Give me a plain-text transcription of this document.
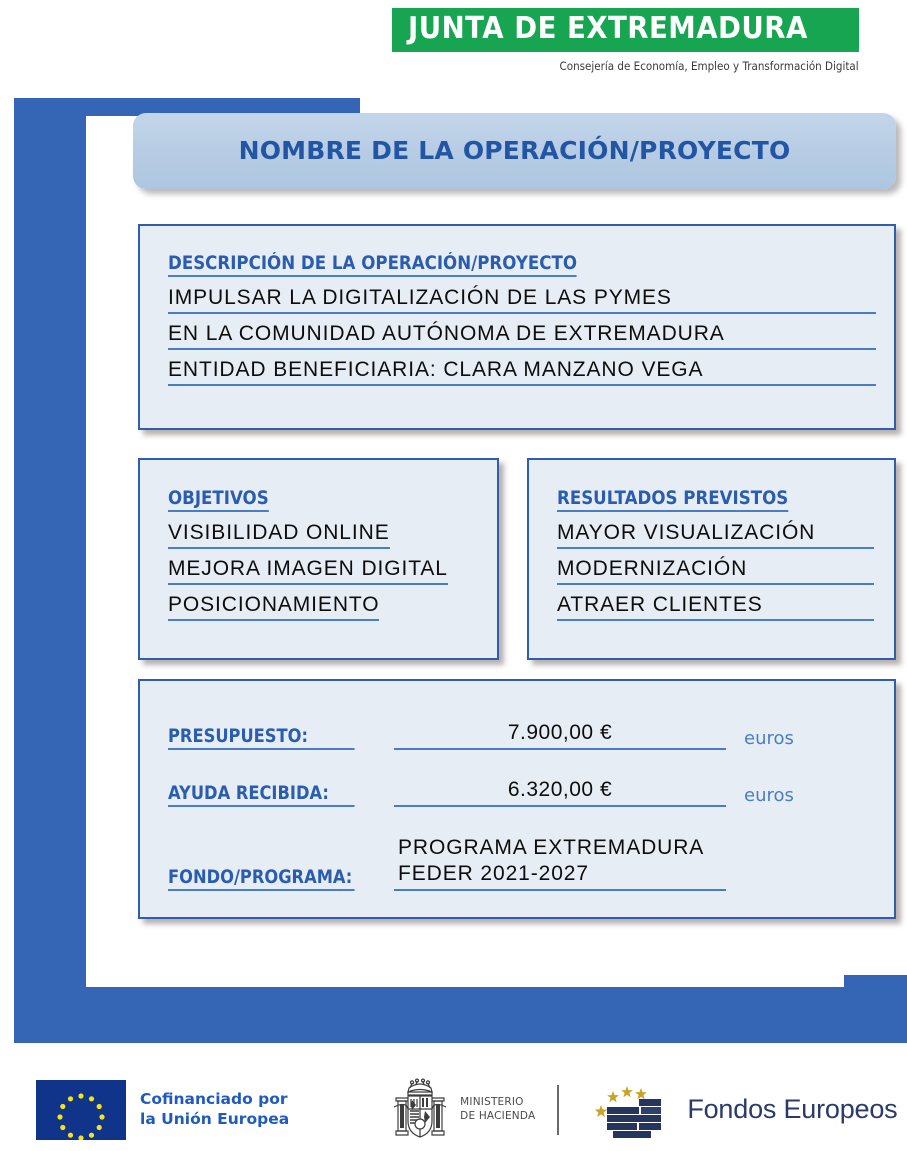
JUNTA DE EXTREMADURA
Consejería de Economía, Empleo y Transformación Digital
NOMBRE DE LA OPERACIÓN/PROYECTO
DESCRIPCIÓN DE LA OPERACIÓN/PROYECTO
IMPULSAR LA DIGITALIZACIÓN DE LAS PYMES
EN LA COMUNIDAD AUTÓNOMA DE EXTREMADURA
ENTIDAD BENEFICIARIA: CLARA MANZANO VEGA
OBJETIVOS
VISIBILIDAD ONLINE
MEJORA IMAGEN DIGITAL
POSICIONAMIENTO
RESULTADOS PREVISTOS
MAYOR VISUALIZACIÓN
MODERNIZACIÓN
ATRAER CLIENTES
PRESUPUESTO:	7.900,00 €	euros
AYUDA RECIBIDA:	6.320,00 €	euros
FONDO/PROGRAMA:
PROGRAMA EXTREMADURA
FEDER 2021-2027
Cofinanciado por
la Unión Europea
MINISTERIO
DE HACIENDA	Fondos Europeos
